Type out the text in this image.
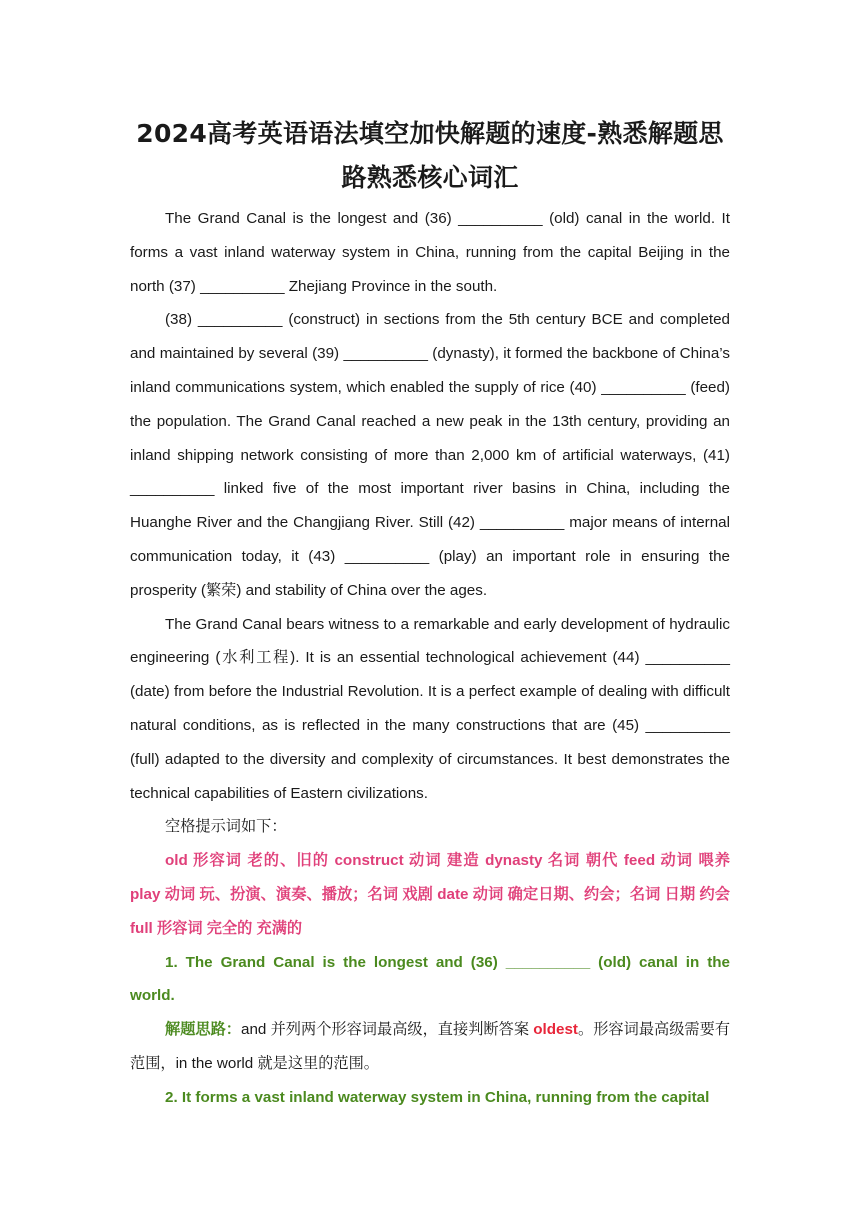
2024高考英语语法填空加快解题的速度-熟悉解题思路熟悉核心词汇

The Grand Canal is the longest and (36) __________ (old) canal in the world. It forms a vast inland waterway system in China, running from the capital Beijing in the north (37) __________ Zhejiang Province in the south.

(38) __________ (construct) in sections from the 5th century BCE and completed and maintained by several (39) __________ (dynasty), it formed the backbone of China’s inland communications system, which enabled the supply of rice (40) __________ (feed) the population. The Grand Canal reached a new peak in the 13th century, providing an inland shipping network consisting of more than 2,000 km of artificial waterways, (41) __________ linked five of the most important river basins in China, including the Huanghe River and the Changjiang River. Still (42) __________ major means of internal communication today, it (43) __________ (play) an important role in ensuring the prosperity (繁荣) and stability of China over the ages.

The Grand Canal bears witness to a remarkable and early development of hydraulic engineering (水利工程). It is an essential technological achievement (44) __________ (date) from before the Industrial Revolution. It is a perfect example of dealing with difficult natural conditions, as is reflected in the many constructions that are (45) __________ (full) adapted to the diversity and complexity of circumstances. It best demonstrates the technical capabilities of Eastern civilizations.

空格提示词如下：

old 形容词 老的、旧的 construct 动词 建造 dynasty 名词 朝代 feed 动词 喂养 play 动词 玩、扮演、演奏、播放；名词 戏剧 date 动词 确定日期、约会；名词 日期 约会 full 形容词 完全的 充满的

1. The Grand Canal is the longest and (36) __________ (old) canal in the world.

解题思路：and 并列两个形容词最高级，直接判断答案 oldest。形容词最高级需要有范围，in the world 就是这里的范围。

2. It forms a vast inland waterway system in China, running from the capital
